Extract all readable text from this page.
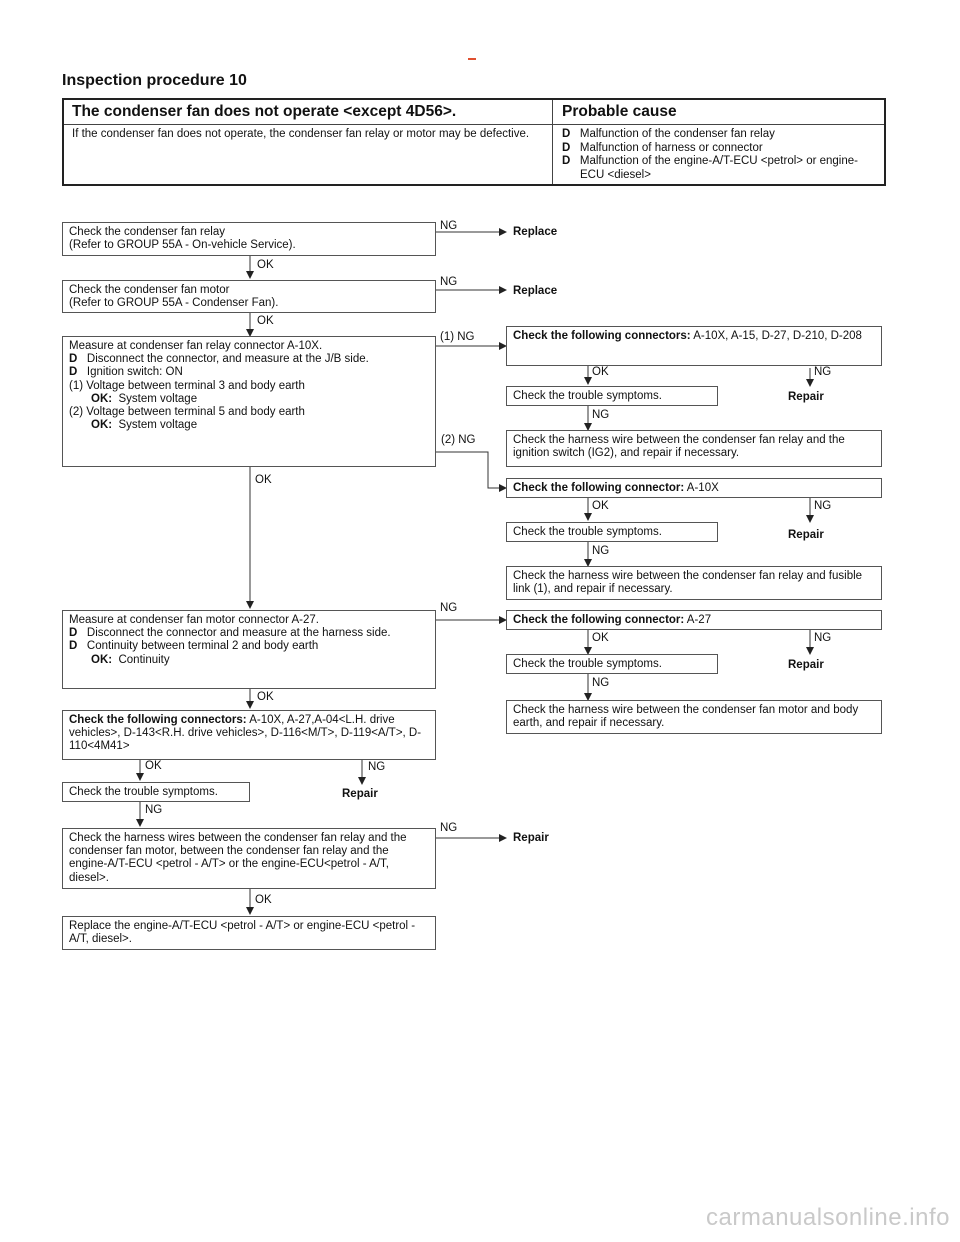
Inspection procedure 10
The condenser fan does not operate <except 4D56>.	Probable cause
If the condenser fan does not operate, the condenser fan relay or motor may be defective.	D Malfunction of the condenser fan relay
D Malfunction of harness or connector
D Malfunction of the engine-A/T-ECU <petrol> or engine-ECU <diesel>
Check the condenser fan relay
(Refer to GROUP 55A - On-vehicle Service).
Check the condenser fan motor
(Refer to GROUP 55A - Condenser Fan).
Measure at condenser fan relay connector A-10X.
D Disconnect the connector, and measure at the J/B side.
D Ignition switch: ON
(1) Voltage between terminal 3 and body earth
OK: System voltage
(2) Voltage between terminal 5 and body earth
OK: System voltage
Check the following connectors: A-10X, A-15, D-27, D-210, D-208
Check the trouble symptoms.
Check the harness wire between the condenser fan relay and the ignition switch (IG2), and repair if necessary.
Check the following connector: A-10X
Check the trouble symptoms.
Check the harness wire between the condenser fan relay and fusible link (1), and repair if necessary.
Measure at condenser fan motor connector A-27.
D Disconnect the connector and measure at the harness side.
D Continuity between terminal 2 and body earth
OK: Continuity
Check the following connector: A-27
Check the trouble symptoms.
Check the harness wire between the condenser fan motor and body earth, and repair if necessary.
Check the following connectors: A-10X, A-27,A-04<L.H. drive vehicles>, D-143<R.H. drive vehicles>, D-116<M/T>, D-119<A/T>, D-110<4M41>
Check the trouble symptoms.
Check the harness wires between the condenser fan relay and the condenser fan motor, between the condenser fan relay and the engine-A/T-ECU <petrol - A/T> or the engine-ECU<petrol - A/T, diesel>.
Replace the engine-A/T-ECU <petrol - A/T> or engine-ECU <petrol - A/T, diesel>.
NG	Replace
OK
NG
Replace
OK
(1) NG
OK	NG
Repair
NG
(2) NG
OK
OK	NG
Repair
NG
NG
OK	NG
Repair
NG
OK
OK	NG
Repair
NG
NG
Repair
OK
carmanualsonline.info
